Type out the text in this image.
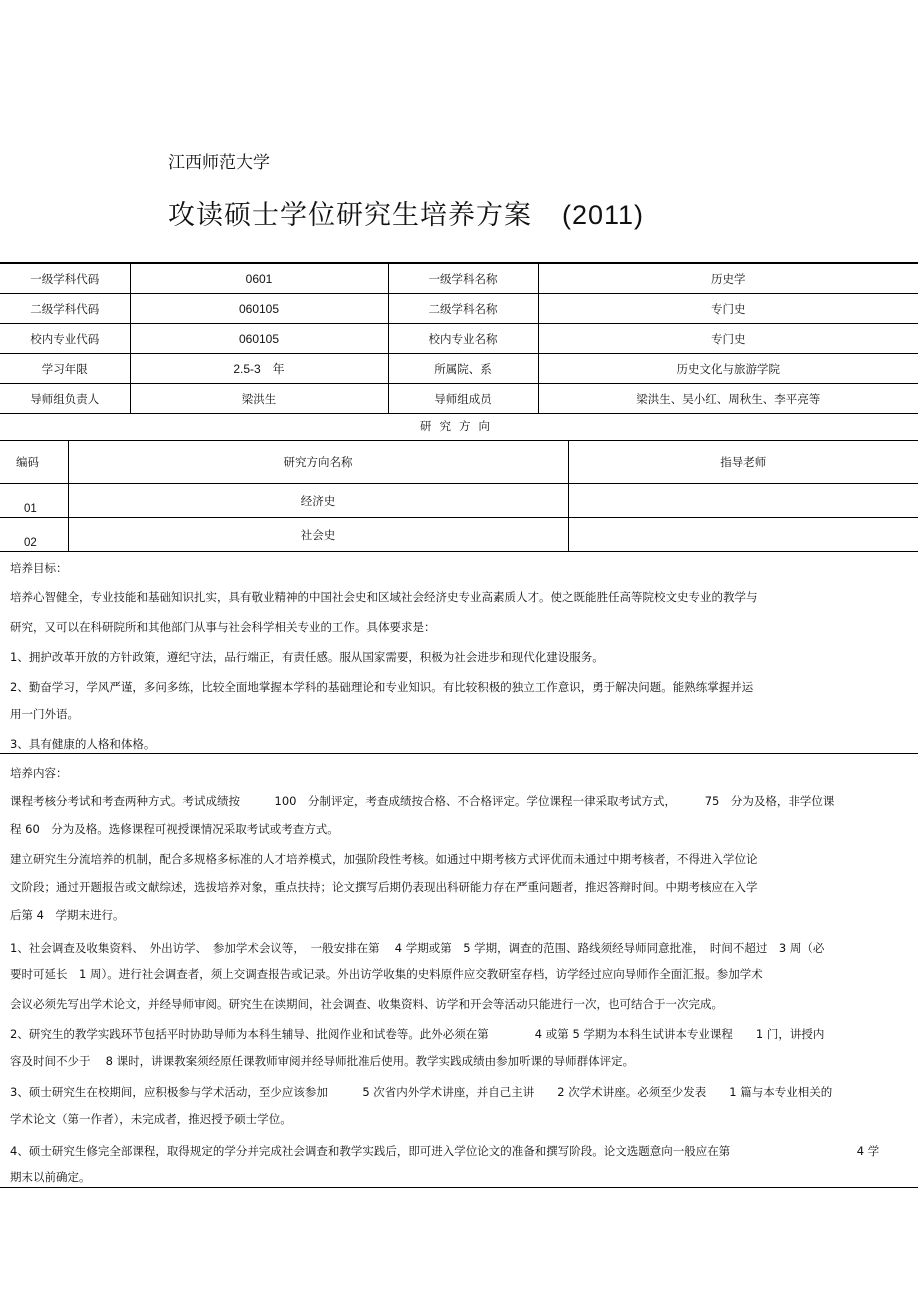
江西师范大学
攻读硕士学位研究生培养方案 (2011)
一级学科代码	0601	一级学科名称	历史学
二级学科代码	060105	二级学科名称	专门史
校内专业代码	060105	校内专业名称	专门史
学习年限	2.5-3　年	所属院、系	历史文化与旅游学院
导师组负责人	梁洪生	导师组成员	梁洪生、吴小红、周秋生、李平亮等
研究方向
编码	研究方向名称	指导老师
01	经济史	
02	社会史	
培养目标：
培养心智健全，专业技能和基础知识扎实，具有敬业精神的中国社会史和区域社会经济史专业高素质人才。使之既能胜任高等院校文史专业的教学与
研究，又可以在科研院所和其他部门从事与社会科学相关专业的工作。具体要求是：
1、拥护改革开放的方针政策，遵纪守法，品行端正，有责任感。服从国家需要，积极为社会进步和现代化建设服务。
2、勤奋学习，学风严谨，多问多练，比较全面地掌握本学科的基础理论和专业知识。有比较积极的独立工作意识，勇于解决问题。能熟练掌握并运
用一门外语。
3、具有健康的人格和体格。
培养内容：
课程考核分考试和考查两种方式。考试成绩按　　　100　分制评定，考查成绩按合格、不合格评定。学位课程一律采取考试方式，　　　75　分为及格，非学位课
程 60　分为及格。选修课程可视授课情况采取考试或考查方式。
建立研究生分流培养的机制，配合多规格多标准的人才培养模式，加强阶段性考核。如通过中期考核方式评优而未通过中期考核者，不得进入学位论
文阶段；通过开题报告或文献综述，选拔培养对象，重点扶持；论文撰写后期仍表现出科研能力存在严重问题者，推迟答辩时间。中期考核应在入学
后第 4　学期末进行。
1、社会调查及收集资料、　外出访学、　参加学术会议等，　一般安排在第　 4 学期或第　5 学期，调查的范围、路线须经导师同意批准，　时间不超过　3 周（必
要时可延长　1 周）。进行社会调查者，须上交调查报告或记录。外出访学收集的史料原件应交教研室存档，访学经过应向导师作全面汇报。参加学术
会议必须先写出学术论文，并经导师审阅。研究生在读期间，社会调查、收集资料、访学和开会等活动只能进行一次，也可结合于一次完成。
2、研究生的教学实践环节包括平时协助导师为本科生辅导、批阅作业和试卷等。此外必须在第　　　　4 或第 5 学期为本科生试讲本专业课程　　1 门，讲授内
容及时间不少于　 8 课时，讲课教案须经原任课教师审阅并经导师批准后使用。教学实践成绩由参加听课的导师群体评定。
3、硕士研究生在校期间，应积极参与学术活动，至少应该参加　　　5 次省内外学术讲座，并自己主讲　　2 次学术讲座。必须至少发表　　1 篇与本专业相关的
学术论文（第一作者），未完成者，推迟授予硕士学位。
4、硕士研究生修完全部课程，取得规定的学分并完成社会调查和教学实践后，即可进入学位论文的准备和撰写阶段。论文选题意向一般应在第　　　　　　　　　　　4 学
期末以前确定。
